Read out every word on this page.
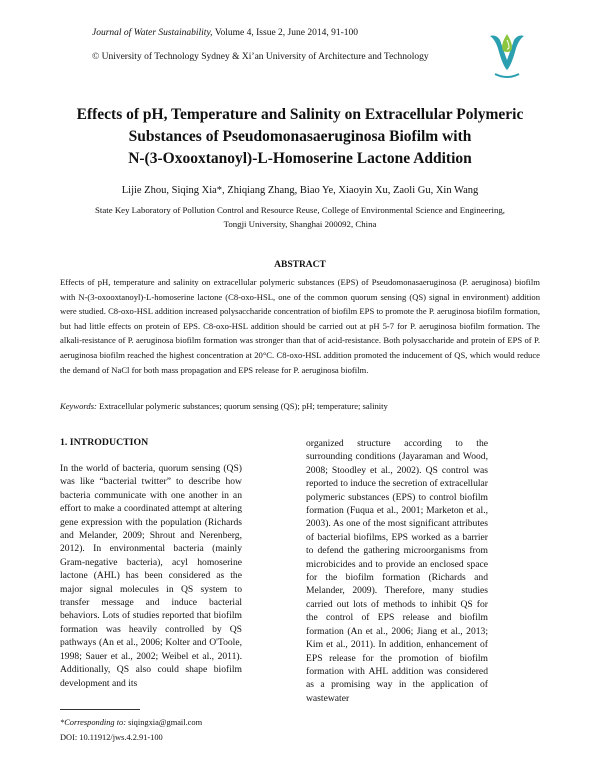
Journal of Water Sustainability, Volume 4, Issue 2, June 2014, 91-100
© University of Technology Sydney & Xi’an University of Architecture and Technology
Effects of pH, Temperature and Salinity on Extracellular Polymeric
Substances of Pseudomonasaeruginosa Biofilm with
N-(3-Oxooxtanoyl)-L-Homoserine Lactone Addition
Lijie Zhou, Siqing Xia*, Zhiqiang Zhang, Biao Ye, Xiaoyin Xu, Zaoli Gu, Xin Wang
State Key Laboratory of Pollution Control and Resource Reuse, College of Environmental Science and Engineering,
Tongji University, Shanghai 200092, China
ABSTRACT
Effects of pH, temperature and salinity on extracellular polymeric substances (EPS) of Pseudomonasaeruginosa (P. aeruginosa) biofilm with N-(3-oxooxtanoyl)-L-homoserine lactone (C8-oxo-HSL, one of the common quorum sensing (QS) signal in environment) addition were studied. C8-oxo-HSL addition increased polysaccharide concentration of biofilm EPS to promote the P. aeruginosa biofilm formation, but had little effects on protein of EPS. C8-oxo-HSL addition should be carried out at pH 5-7 for P. aeruginosa biofilm formation. The alkali-resistance of P. aeruginosa biofilm formation was stronger than that of acid-resistance. Both polysaccharide and protein of EPS of P. aeruginosa biofilm reached the highest concentration at 20°C. C8-oxo-HSL addition promoted the inducement of QS, which would reduce the demand of NaCl for both mass propagation and EPS release for P. aeruginosa biofilm.
Keywords: Extracellular polymeric substances; quorum sensing (QS); pH; temperature; salinity
1. INTRODUCTION
In the world of bacteria, quorum sensing (QS) was like “bacterial twitter” to describe how bacteria communicate with one another in an effort to make a coordinated attempt at altering gene expression with the population (Richards and Melander, 2009; Shrout and Nerenberg, 2012). In environmental bacteria (mainly Gram-negative bacteria), acyl homoserine lactone (AHL) has been considered as the major signal molecules in QS system to transfer message and induce bacterial behaviors. Lots of studies reported that biofilm formation was heavily controlled by QS pathways (An et al., 2006; Kolter and O'Toole, 1998; Sauer et al., 2002; Weibel et al., 2011). Additionally, QS also could shape biofilm development and its
organized structure according to the surrounding conditions (Jayaraman and Wood, 2008; Stoodley et al., 2002). QS control was reported to induce the secretion of extracellular polymeric substances (EPS) to control biofilm formation (Fuqua et al., 2001; Marketon et al., 2003). As one of the most significant attributes of bacterial biofilms, EPS worked as a barrier to defend the gathering microorganisms from microbicides and to provide an enclosed space for the biofilm formation (Richards and Melander, 2009). Therefore, many studies carried out lots of methods to inhibit QS for the control of EPS release and biofilm formation (An et al., 2006; Jiang et al., 2013; Kim et al., 2011). In addition, enhancement of EPS release for the promotion of biofilm formation with AHL addition was considered as a promising way in the application of wastewater
*Corresponding to: siqingxia@gmail.com
DOI: 10.11912/jws.4.2.91-100
